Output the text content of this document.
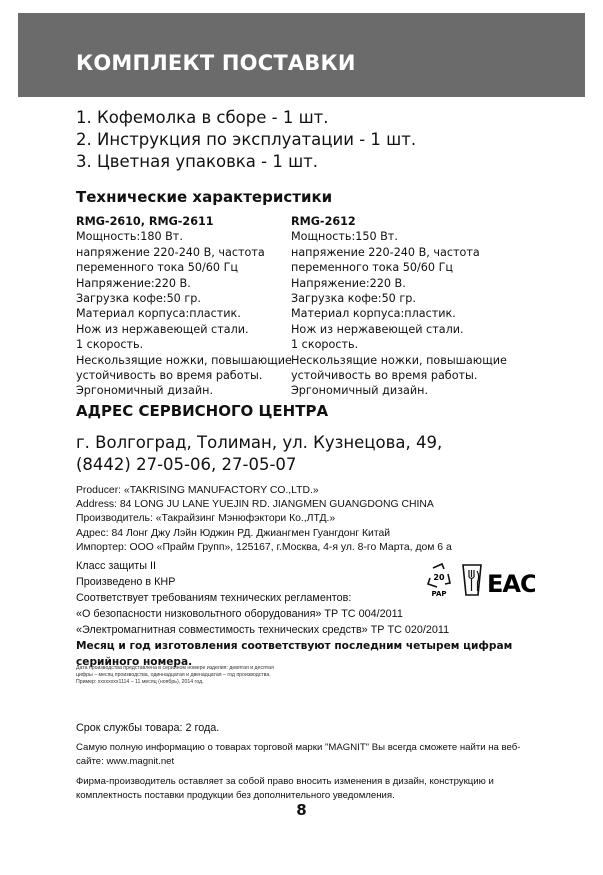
КОМПЛЕКТ ПОСТАВКИ
1. Кофемолка в сборе - 1 шт.
2. Инструкция по эксплуатации - 1 шт.
3. Цветная упаковка - 1 шт.
Технические характеристики
RMG-2610, RMG-2611
Мощность:180 Вт.
напряжение 220-240 В, частота
переменного тока 50/60 Гц
Напряжение:220 В.
Загрузка кофе:50 гр.
Материал корпуса:пластик.
Нож из нержавеющей стали.
1 скорость.
Нескользящие ножки, повышающие
устойчивость во время работы.
Эргономичный дизайн.
RMG-2612
Мощность:150 Вт.
напряжение 220-240 В, частота
переменного тока 50/60 Гц
Напряжение:220 В.
Загрузка кофе:50 гр.
Материал корпуса:пластик.
Нож из нержавеющей стали.
1 скорость.
Нескользящие ножки, повышающие
устойчивость во время работы.
Эргономичный дизайн.
АДРЕС СЕРВИСНОГО ЦЕНТРА
г. Волгоград, Толиман, ул. Кузнецова, 49,
(8442) 27-05-06, 27-05-07
Producer: «TAKRISING MANUFACTORY CO.,LTD.»
Address: 84 LONG JU LANE YUEJIN RD. JIANGMEN GUANGDONG CHINA
Производитель: «Такрайзинг Мэнюфэктори Ко.,ЛТД.»
Адрес: 84 Лонг Джу Лэйн Юджин РД. Джиангмен Гуангдонг Китай
Импортер: ООО «Прайм Групп», 125167, г.Москва, 4-я ул. 8-го Марта, дом 6 а
Класс защиты II
Произведено в КНР
Соответствует требованиям технических регламентов:
«О безопасности низковольтного оборудования» ТР ТС 004/2011
«Электромагнитная совместимость технических средств» ТР ТС 020/2011
Месяц и год изготовления соответствуют последним четырем цифрам
серийного номера.
20
PAP EAC
Дата производства представлена в серийном номере изделия: девятая и десятая
цифры – месяц производства, одиннадцатая и двенадцатая – год производства.
Пример: хххххххх1114 – 11 месяц (ноябрь), 2014 год.
Срок службы товара: 2 года.
Самую полную информацию о товарах торговой марки "MAGNIT" Вы всегда сможете найти на веб-
сайте: www.magnit.net
Фирма-производитель оставляет за собой право вносить изменения в дизайн, конструкцию и
комплектность поставки продукции без дополнительного уведомления.
8
